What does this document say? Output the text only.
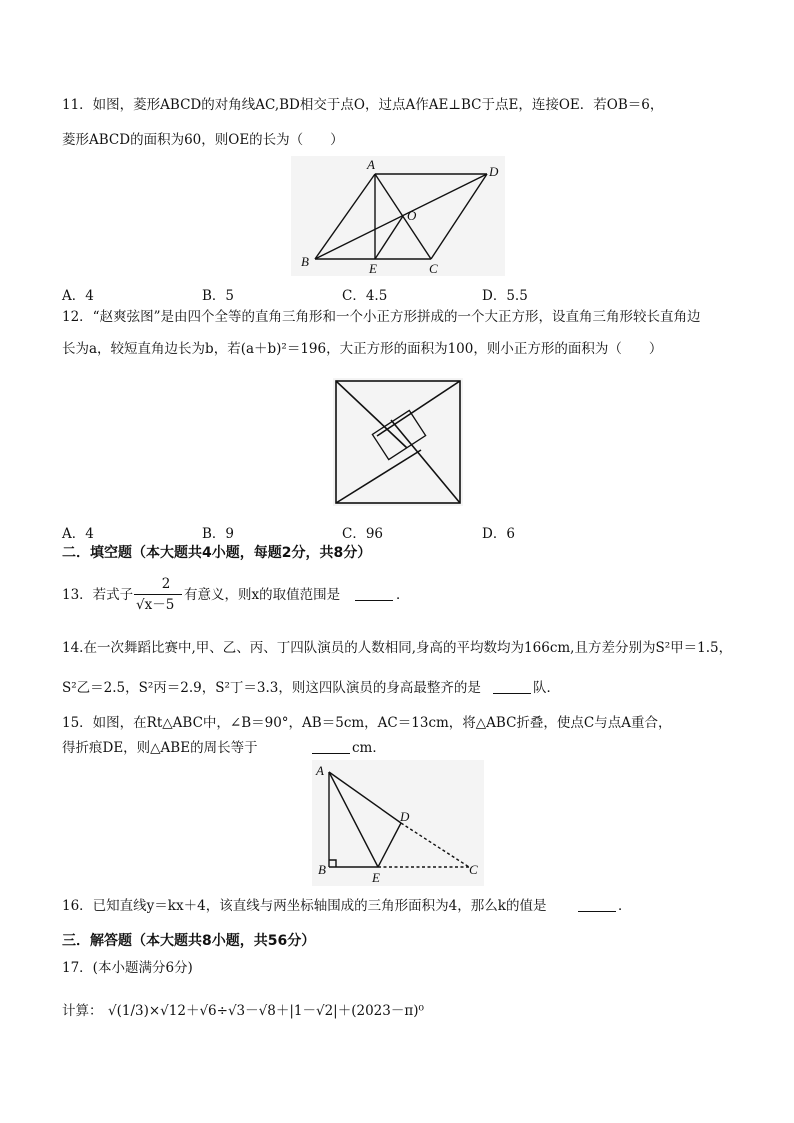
11．如图，菱形ABCD的对角线AC,BD相交于点O，过点A作AE⊥BC于点E，连接OE．若OB＝6，
菱形ABCD的面积为60，则OE的长为（　　）
A	D
O
B	E	C
A．4	B．5	C．4.5	D．5.5
12．“赵爽弦图”是由四个全等的直角三角形和一个小正方形拼成的一个大正方形，设直角三角形较长直角边
长为a，较短直角边长为b，若(a＋b)²＝196，大正方形的面积为100，则小正方形的面积为（　　）
A．4	B．9	C．96	D．6
二．填空题（本大题共4小题，每题2分，共8分）
13．若式子
2
√x－5
有意义，则x的取值范围是	．
14.在一次舞蹈比赛中,甲、乙、丙、丁四队演员的人数相同,身高的平均数均为166cm,且方差分别为S²甲＝1.5，
S²乙＝2.5，S²丙＝2.9，S²丁＝3.3，则这四队演员的身高最整齐的是	队．
15．如图，在Rt△ABC中，∠B＝90°，AB＝5cm，AC＝13cm，将△ABC折叠，使点C与点A重合，
得折痕DE，则△ABE的周长等于	cm．
A
D
B
E
C
16．已知直线y＝kx＋4，该直线与两坐标轴围成的三角形面积为4，那么k的值是	．
三．解答题（本大题共8小题，共56分）
17．(本小题满分6分)
计算： √(1/3)×√12＋√6÷√3－√8＋|1－√2|＋(2023－π)⁰
